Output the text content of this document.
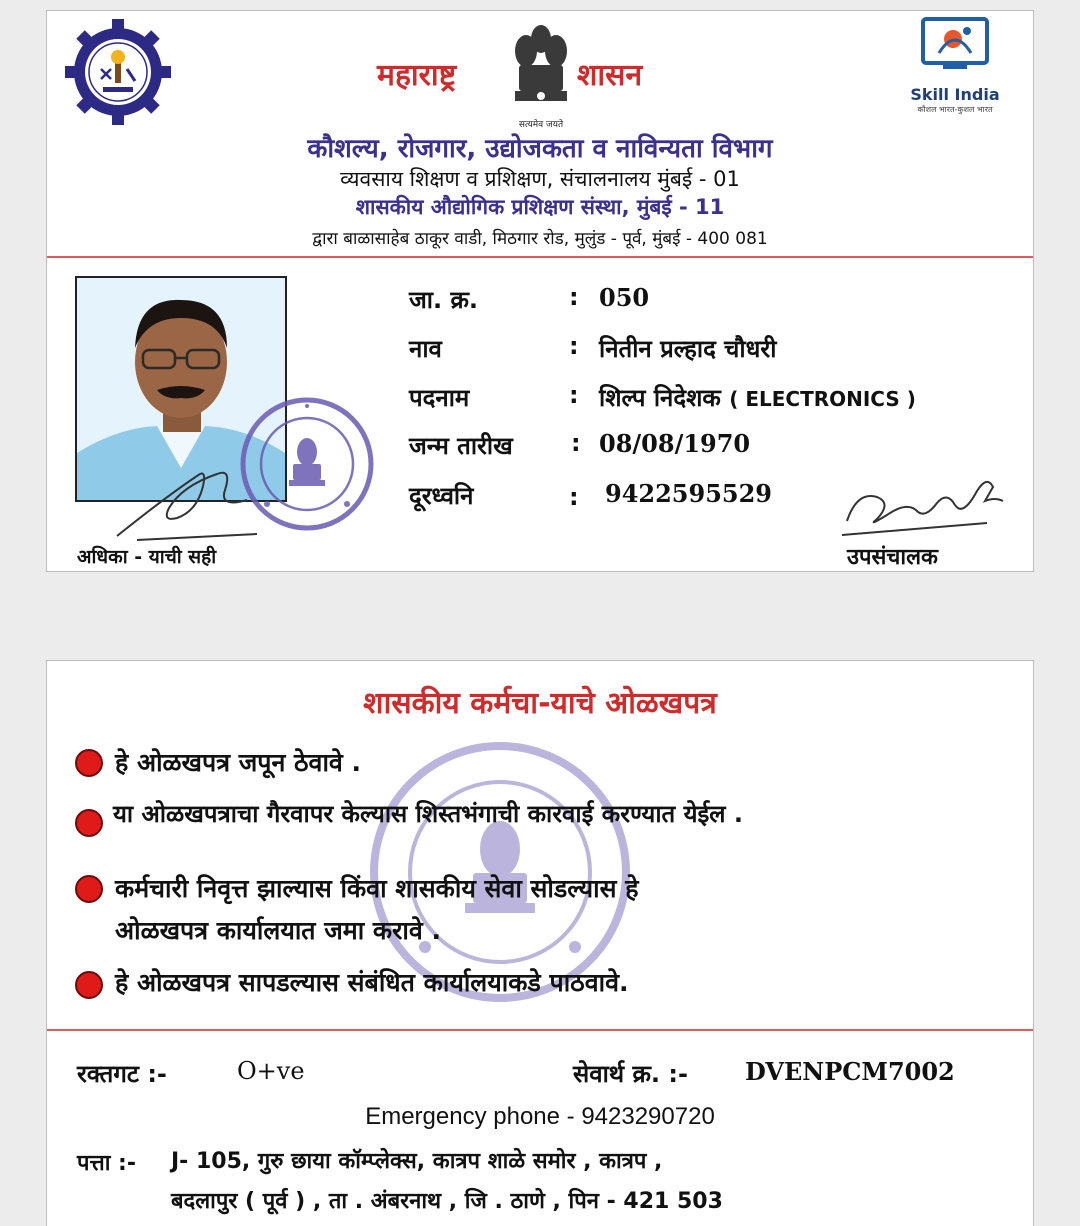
महाराष्ट्र	शासन
सत्यमेव जयते
Skill India
कौशल भारत-कुशल भारत
कौशल्य, रोजगार, उद्योजकता व नाविन्यता विभाग
व्यवसाय शिक्षण व प्रशिक्षण, संचालनालय मुंबई - 01
शासकीय औद्योगिक प्रशिक्षण संस्था, मुंबई - 11
द्वारा बाळासाहेब ठाकूर वाडी, मिठगार रोड, मुलुंड - पूर्व, मुंबई - 400 081
अधिका - याची सही
जा. क्र.	: 050
नाव	: नितीन प्रल्हाद चौधरी
पदनाम	: शिल्प निदेशक ( ELECTRONICS )
जन्म तारीख : 08/08/1970
दूरध्वनि	: 9422595529
उपसंचालक
शासकीय कर्मचा-याचे ओळखपत्र
हे ओळखपत्र जपून ठेवावे .
या ओळखपत्राचा गैरवापर केल्यास शिस्तभंगाची कारवाई करण्यात येईल .
कर्मचारी निवृत्त झाल्यास किंवा शासकीय सेवा सोडल्यास हे
ओळखपत्र कार्यालयात जमा करावे .
हे ओळखपत्र सापडल्यास संबंधित कार्यालयाकडे पाठवावे.
रक्तगट :-	O+ve	सेवार्थ क्र. :- DVENPCM7002
Emergency phone - 9423290720
पत्ता :- J- 105, गुरु छाया कॉम्प्लेक्स, कात्रप शाळे समोर , कात्रप ,
बदलापुर ( पूर्व ) , ता . अंबरनाथ , जि . ठाणे , पिन - 421 503
